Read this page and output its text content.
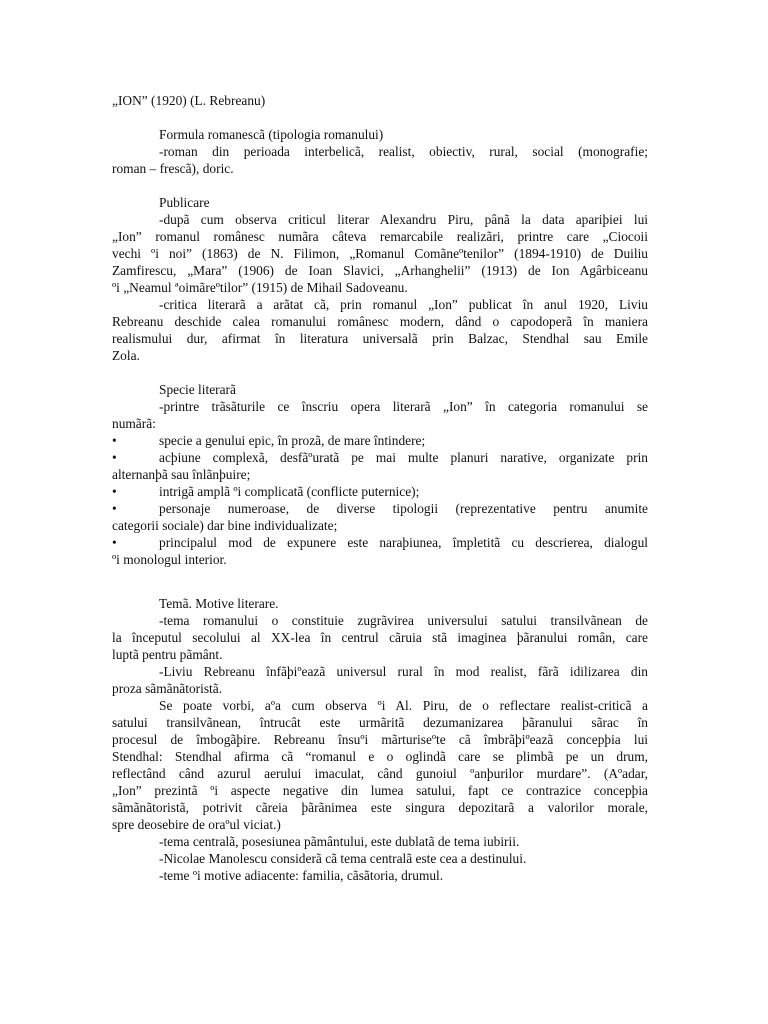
„ION” (1920) (L. Rebreanu)
Formula romanescã (tipologia romanului)
-roman din perioada interbelicã, realist, obiectiv, rural, social (monografie;
roman – frescã), doric.
Publicare
-dupã cum observa criticul literar Alexandru Piru, pânã la data apariþiei lui
„Ion” romanul românesc numãra câteva remarcabile realizãri, printre care „Ciocoii
vechi ºi noi” (1863) de N. Filimon, „Romanul Comãneºtenilor” (1894-1910) de Duiliu
Zamfirescu, „Mara” (1906) de Ioan Slavici, „Arhanghelii” (1913) de Ion Agârbiceanu
ºi „Neamul ªoimãreºtilor” (1915) de Mihail Sadoveanu.
-critica literarã a arãtat cã, prin romanul „Ion” publicat în anul 1920, Liviu
Rebreanu deschide calea romanului românesc modern, dând o capodoperã în maniera
realismului dur, afirmat în literatura universalã prin Balzac, Stendhal sau Emile
Zola.
Specie literarã
-printre trãsãturile ce înscriu opera literarã „Ion” în categoria romanului se
numãrã:
•	specie a genului epic, în prozã, de mare întindere;
•	acþiune complexã, desfãºuratã pe mai multe planuri narative, organizate prin
alternanþã sau înlãnþuire;
•	intrigã amplã ºi complicatã (conflicte puternice);
•	personaje numeroase, de diverse tipologii (reprezentative pentru anumite
categorii sociale) dar bine individualizate;
•	principalul mod de expunere este naraþiunea, împletitã cu descrierea, dialogul
ºi monologul interior.
Temã. Motive literare.
-tema romanului o constituie zugrãvirea universului satului transilvãnean de
la începutul secolului al XX-lea în centrul cãruia stã imaginea þãranului român, care
luptã pentru pãmânt.
-Liviu Rebreanu înfãþiºeazã universul rural în mod realist, fãrã idilizarea din
proza sãmãnãtoristã.
Se poate vorbi, aºa cum observa ºi Al. Piru, de o reflectare realist-criticã a
satului transilvãnean, întrucât este urmãritã dezumanizarea þãranului sãrac în
procesul de îmbogãþire. Rebreanu însuºi mãrturiseºte cã îmbrãþiºeazã concepþia lui
Stendhal: Stendhal afirma cã “romanul e o oglindã care se plimbã pe un drum,
reflectând când azurul aerului imaculat, când gunoiul ºanþurilor murdare”. (Aºadar,
„Ion” prezintã ºi aspecte negative din lumea satului, fapt ce contrazice concepþia
sãmãnãtoristã, potrivit cãreia þãrãnimea este singura depozitarã a valorilor morale,
spre deosebire de oraºul viciat.)
-tema centralã, posesiunea pãmântului, este dublatã de tema iubirii.
-Nicolae Manolescu considerã cã tema centralã este cea a destinului.
-teme ºi motive adiacente: familia, cãsãtoria, drumul.
